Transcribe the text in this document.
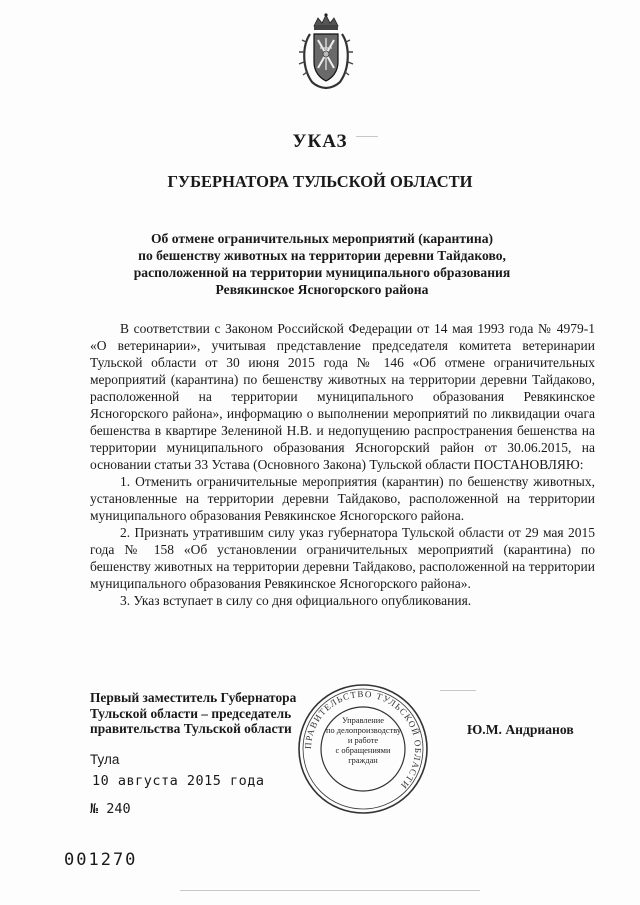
УКАЗ
ГУБЕРНАТОРА ТУЛЬСКОЙ ОБЛАСТИ
Об отмене ограничительных мероприятий (карантина)
по бешенству животных на территории деревни Тайдаково,
расположенной на территории муниципального образования
Ревякинское Ясногорского района

В соответствии с Законом Российской Федерации от 14 мая 1993 года № 4979-1 «О ветеринарии», учитывая представление председателя комитета ветеринарии Тульской области от 30 июня 2015 года № 146 «Об отмене ограничительных мероприятий (карантина) по бешенству животных на территории деревни Тайдаково, расположенной на территории муниципального образования Ревякинское Ясногорского района», информацию о выполнении мероприятий по ликвидации очага бешенства в квартире Зелениной Н.В. и недопущению распространения бешенства на территории муниципального образования Ясногорский район от 30.06.2015, на основании статьи 33 Устава (Основного Закона) Тульской области ПОСТАНОВЛЯЮ:

1. Отменить ограничительные мероприятия (карантин) по бешенству животных, установленные на территории деревни Тайдаково, расположенной на территории муниципального образования Ревякинское Ясногорского района.

2. Признать утратившим силу указ губернатора Тульской области от 29 мая 2015 года № 158 «Об установлении ограничительных мероприятий (карантина) по бешенству животных на территории деревни Тайдаково, расположенной на территории муниципального образования Ревякинское Ясногорского района».

3. Указ вступает в силу со дня официального опубликования.

Первый заместитель Губернатора
Тульской области – председатель
правительства Тульской области
ПРАВИТЕЛЬСТВО ТУЛЬСКОЙ ОБЛАСТИ
Управление
по делопроизводству
и работе
с обращениями
граждан
Ю.М. Андрианов
Тула
10 августа 2015 года
№ 240
001270
